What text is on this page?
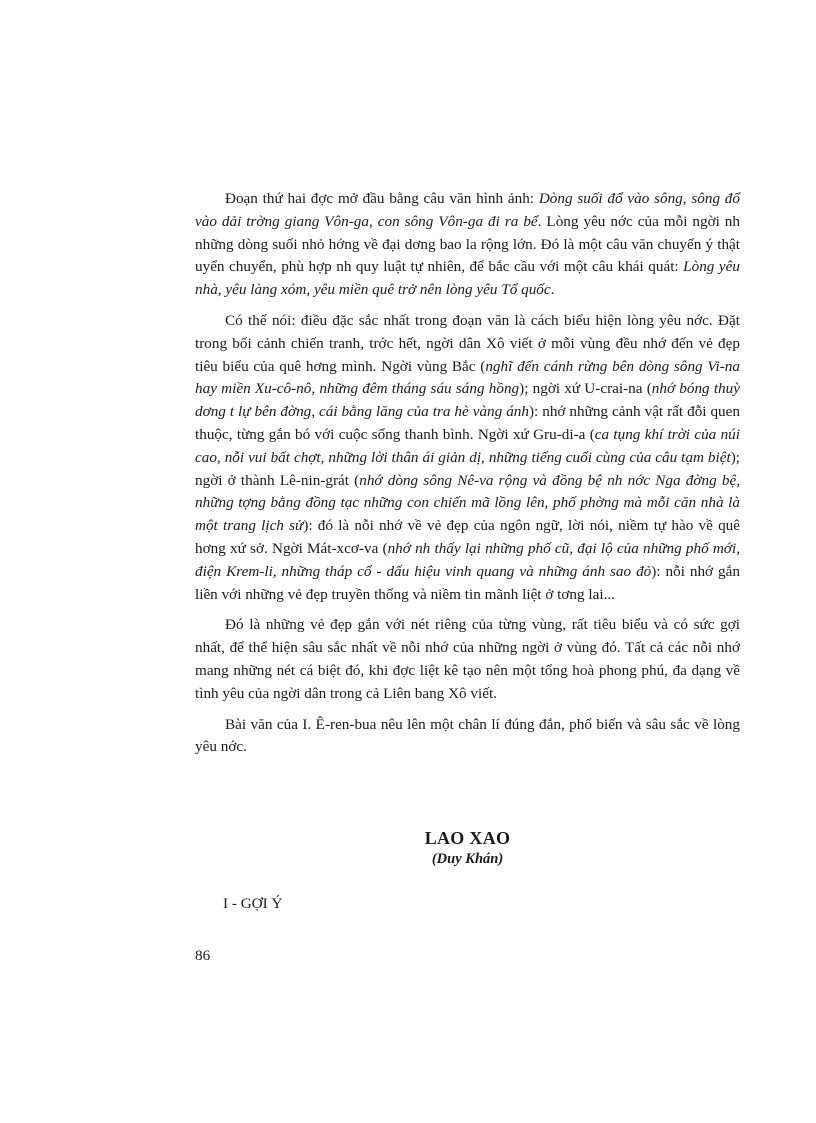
Đoạn thứ hai đợc mở đầu bằng câu văn hình ảnh: Dòng suối đổ vào sông, sông đổ vào dải trờng giang Vôn-ga, con sông Vôn-ga đi ra bể. Lòng yêu nớc của mỗi ngời nh những dòng suối nhỏ hớng về đại dơng bao la rộng lớn. Đó là một câu văn chuyển ý thật uyển chuyển, phù hợp nh quy luật tự nhiên, để bắc cầu với một câu khái quát: Lòng yêu nhà, yêu làng xóm, yêu miền quê trở nên lòng yêu Tổ quốc.

Có thể nói: điều đặc sắc nhất trong đoạn văn là cách biểu hiện lòng yêu nớc. Đặt trong bối cảnh chiến tranh, trớc hết, ngời dân Xô viết ở mỗi vùng đều nhớ đến vẻ đẹp tiêu biểu của quê hơng mình. Ngời vùng Bắc (nghĩ đến cánh rừng bên dòng sông Vi-na hay miền Xu-cô-nô, những đêm tháng sáu sáng hồng); ngời xứ U-crai-na (nhớ bóng thuỳ dơng t lự bên đờng, cái bằng lăng của tra hè vàng ánh): nhớ những cảnh vật rất đỗi quen thuộc, từng gắn bó với cuộc sống thanh bình. Ngời xứ Gru-di-a (ca tụng khí trời của núi cao, nỗi vui bất chợt, những lời thân ái giản dị, những tiếng cuối cùng của câu tạm biệt); ngời ở thành Lê-nin-grát (nhớ dòng sông Nê-va rộng và đồng bệ nh nớc Nga đờng bệ, những tợng bằng đồng tạc những con chiến mã lồng lên, phố phờng mà mỗi căn nhà là một trang lịch sử): đó là nỗi nhớ về vẻ đẹp của ngôn ngữ, lời nói, niềm tự hào về quê hơng xứ sở. Ngời Mát-xcơ-va (nhớ nh thấy lại những phố cũ, đại lộ của những phố mới, điện Krem-li, những tháp cổ - dấu hiệu vinh quang và những ánh sao đỏ): nỗi nhớ gắn liền với những vẻ đẹp truyền thống và niềm tin mãnh liệt ở tơng lai...

Đó là những vẻ đẹp gắn với nét riêng của từng vùng, rất tiêu biểu và có sức gợi nhất, để thể hiện sâu sắc nhất về nỗi nhớ của những ngời ở vùng đó. Tất cả các nỗi nhớ mang những nét cá biệt đó, khi đợc liệt kê tạo nên một tổng hoà phong phú, đa dạng về tình yêu của ngời dân trong cả Liên bang Xô viết.

Bài văn của I. Ê-ren-bua nêu lên một chân lí đúng đắn, phổ biến và sâu sắc về lòng yêu nớc.

LAO XAO
(Duy Khán)
I - GỢI Ý
86
